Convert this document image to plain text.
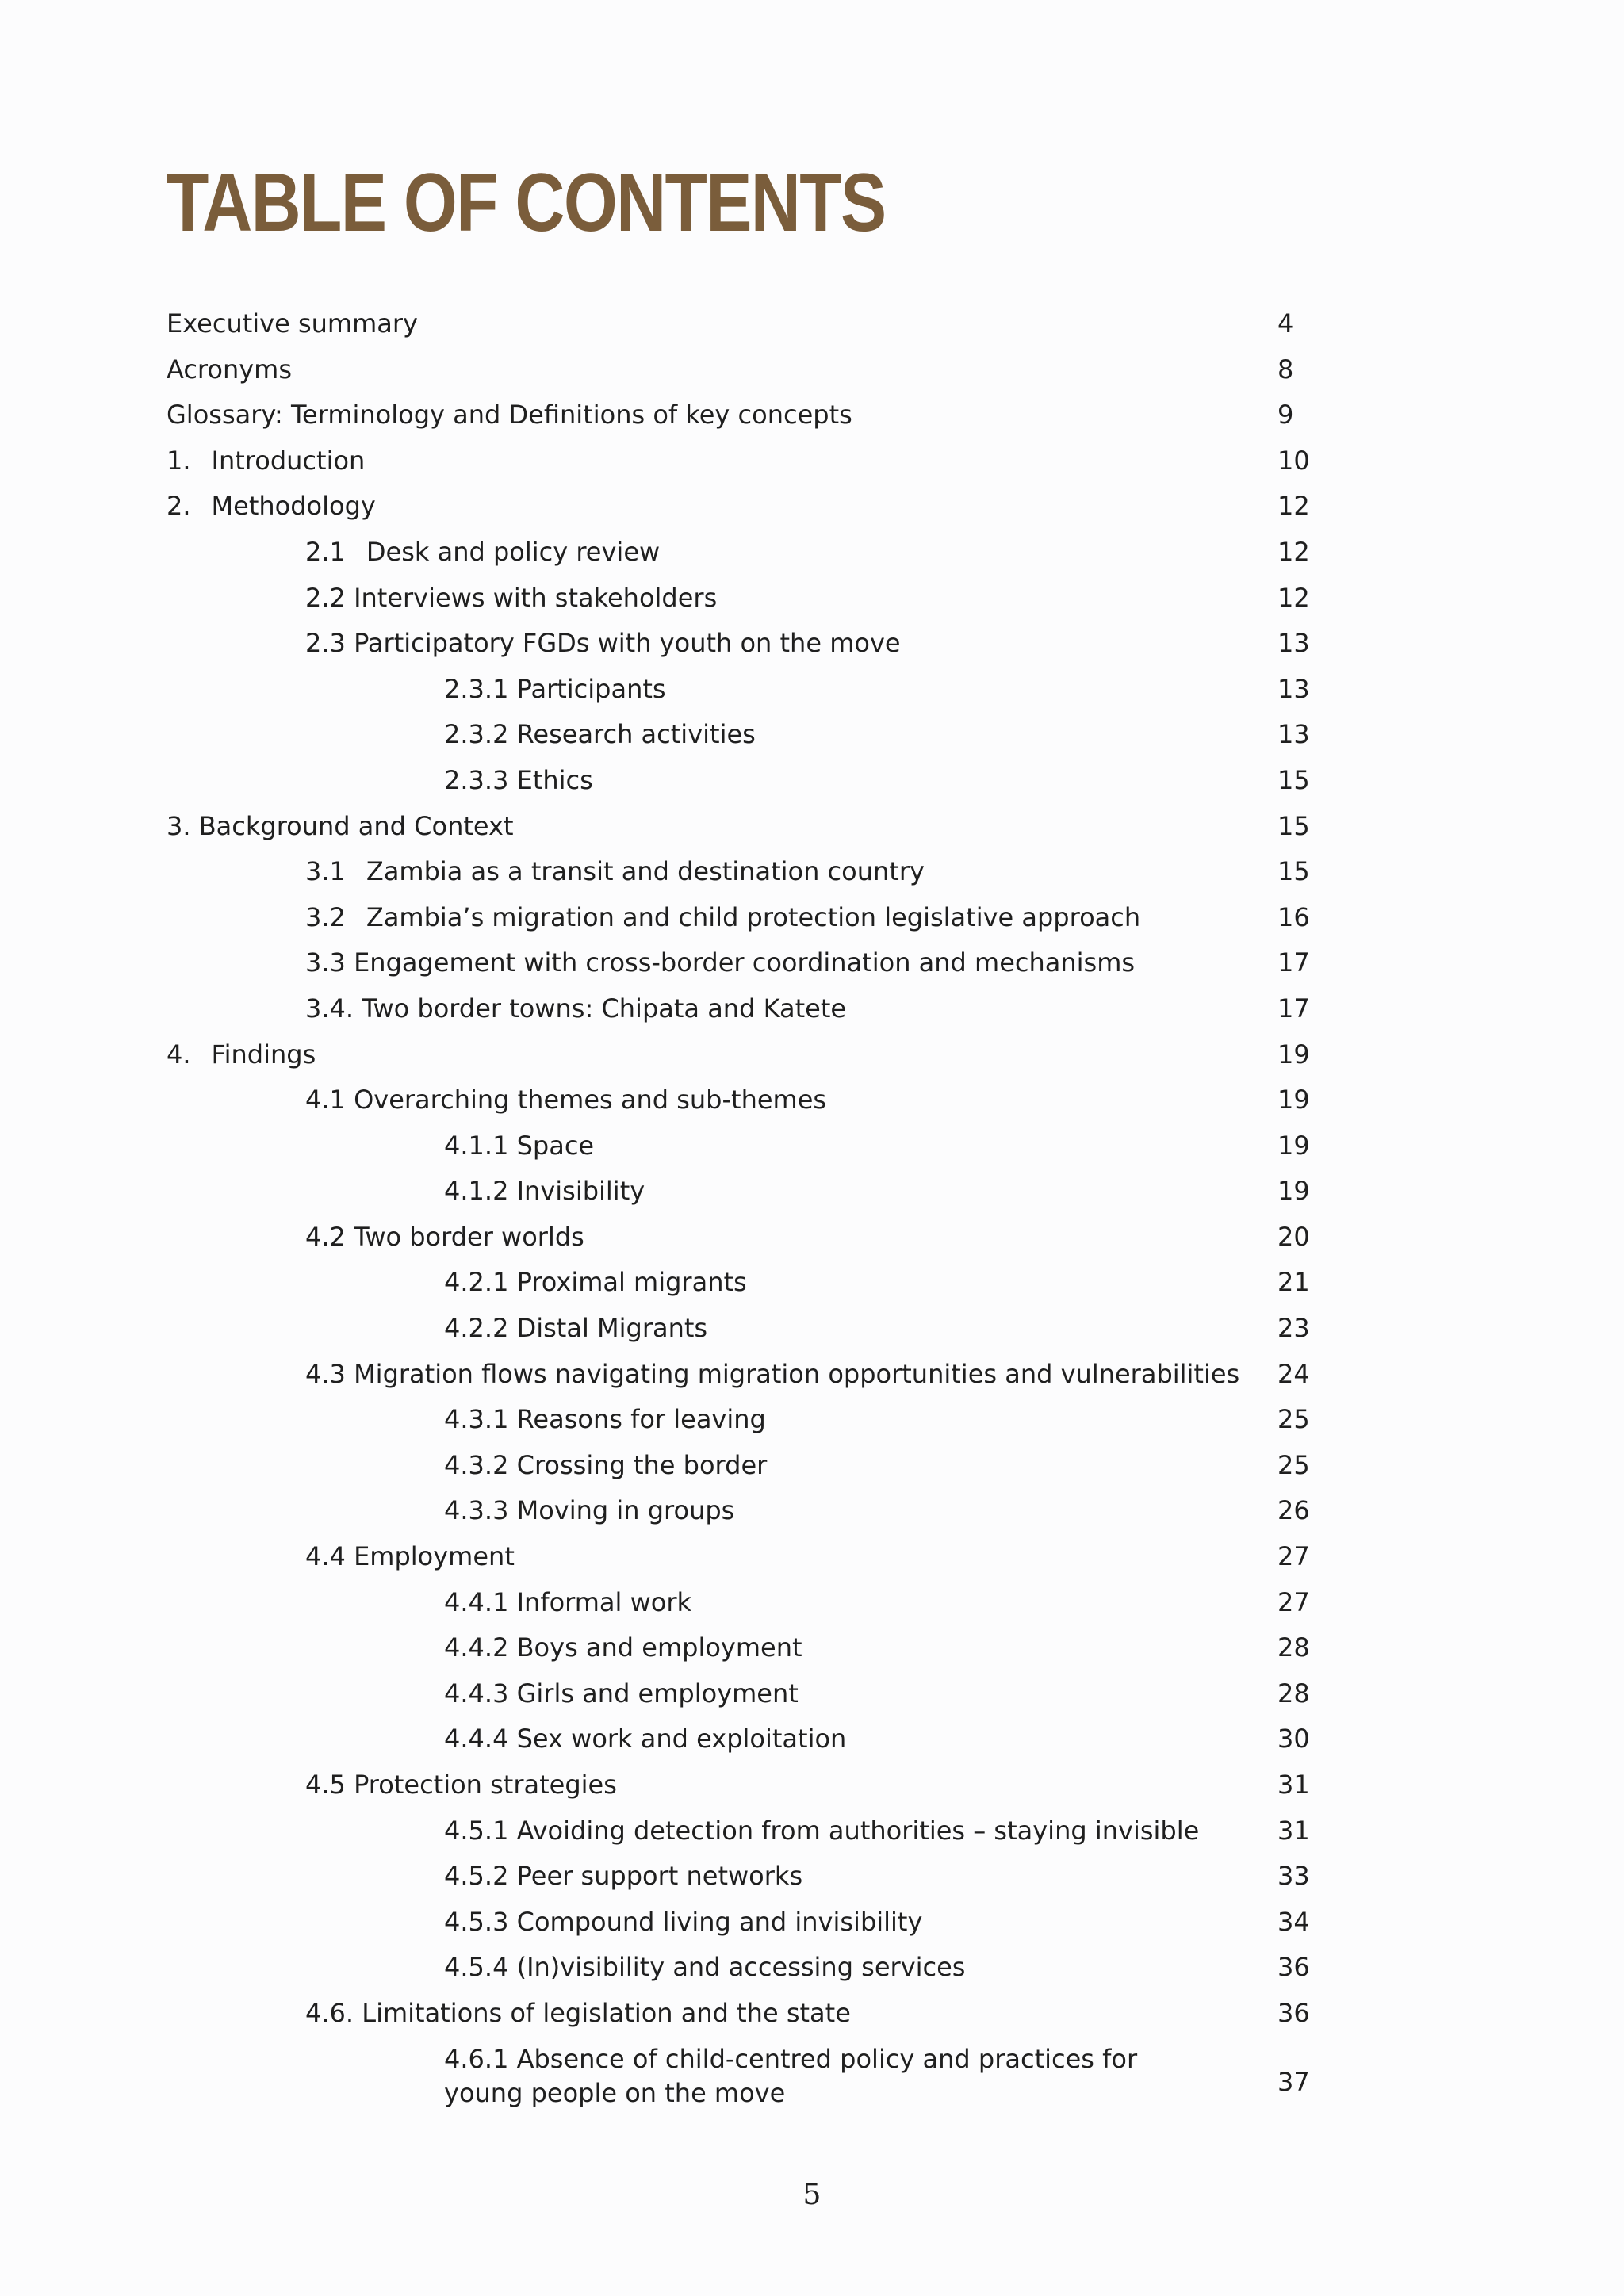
TABLE OF CONTENTS
Executive summary	4
Acronyms	8
Glossary: Terminology and Definitions of key concepts	9
1. Introduction	10
2. Methodology	12
2.1 Desk and policy review	12
2.2 Interviews with stakeholders	12
2.3 Participatory FGDs with youth on the move	13
2.3.1 Participants	13
2.3.2 Research activities	13
2.3.3 Ethics	15
3. Background and Context	15
3.1 Zambia as a transit and destination country	15
3.2 Zambia’s migration and child protection legislative approach	16
3.3 Engagement with cross-border coordination and mechanisms	17
3.4. Two border towns: Chipata and Katete	17
4. Findings	19
4.1 Overarching themes and sub-themes	19
4.1.1 Space	19
4.1.2 Invisibility	19
4.2 Two border worlds	20
4.2.1 Proximal migrants	21
4.2.2 Distal Migrants	23
4.3 Migration flows navigating migration opportunities and vulnerabilities 24
4.3.1 Reasons for leaving	25
4.3.2 Crossing the border	25
4.3.3 Moving in groups	26
4.4 Employment	27
4.4.1 Informal work	27
4.4.2 Boys and employment	28
4.4.3 Girls and employment	28
4.4.4 Sex work and exploitation	30
4.5 Protection strategies	31
4.5.1 Avoiding detection from authorities – staying invisible	31
4.5.2 Peer support networks	33
4.5.3 Compound living and invisibility	34
4.5.4 (In)visibility and accessing services	36
4.6. Limitations of legislation and the state	36
4.6.1 Absence of child-centred policy and practices for young people on the move	37
5
